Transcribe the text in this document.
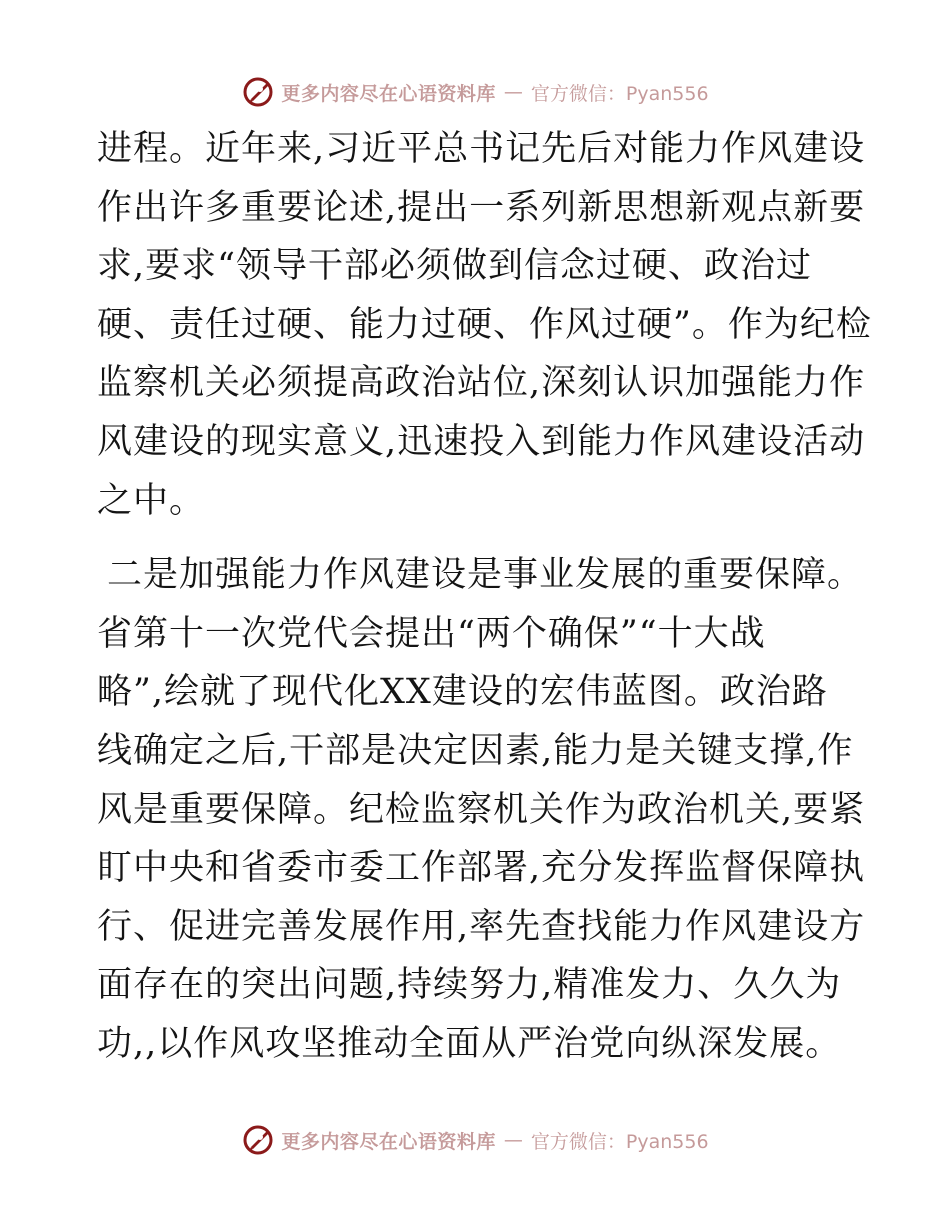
更多内容尽在心语资料库 — 官方微信：Pyan556
进程。近年来,习近平总书记先后对能力作风建设
作出许多重要论述,提出一系列新思想新观点新要
求,要求“领导干部必须做到信念过硬、政治过
硬、责任过硬、能力过硬、作风过硬”。作为纪检
监察机关必须提高政治站位,深刻认识加强能力作
风建设的现实意义,迅速投入到能力作风建设活动
之中。
二是加强能力作风建设是事业发展的重要保障。
省第十一次党代会提出“两个确保”“十大战
略”,绘就了现代化XX建设的宏伟蓝图。政治路
线确定之后,干部是决定因素,能力是关键支撑,作
风是重要保障。纪检监察机关作为政治机关,要紧
盯中央和省委市委工作部署,充分发挥监督保障执
行、促进完善发展作用,率先查找能力作风建设方
面存在的突出问题,持续努力,精准发力、久久为
功,,以作风攻坚推动全面从严治党向纵深发展。
更多内容尽在心语资料库 — 官方微信：Pyan556
